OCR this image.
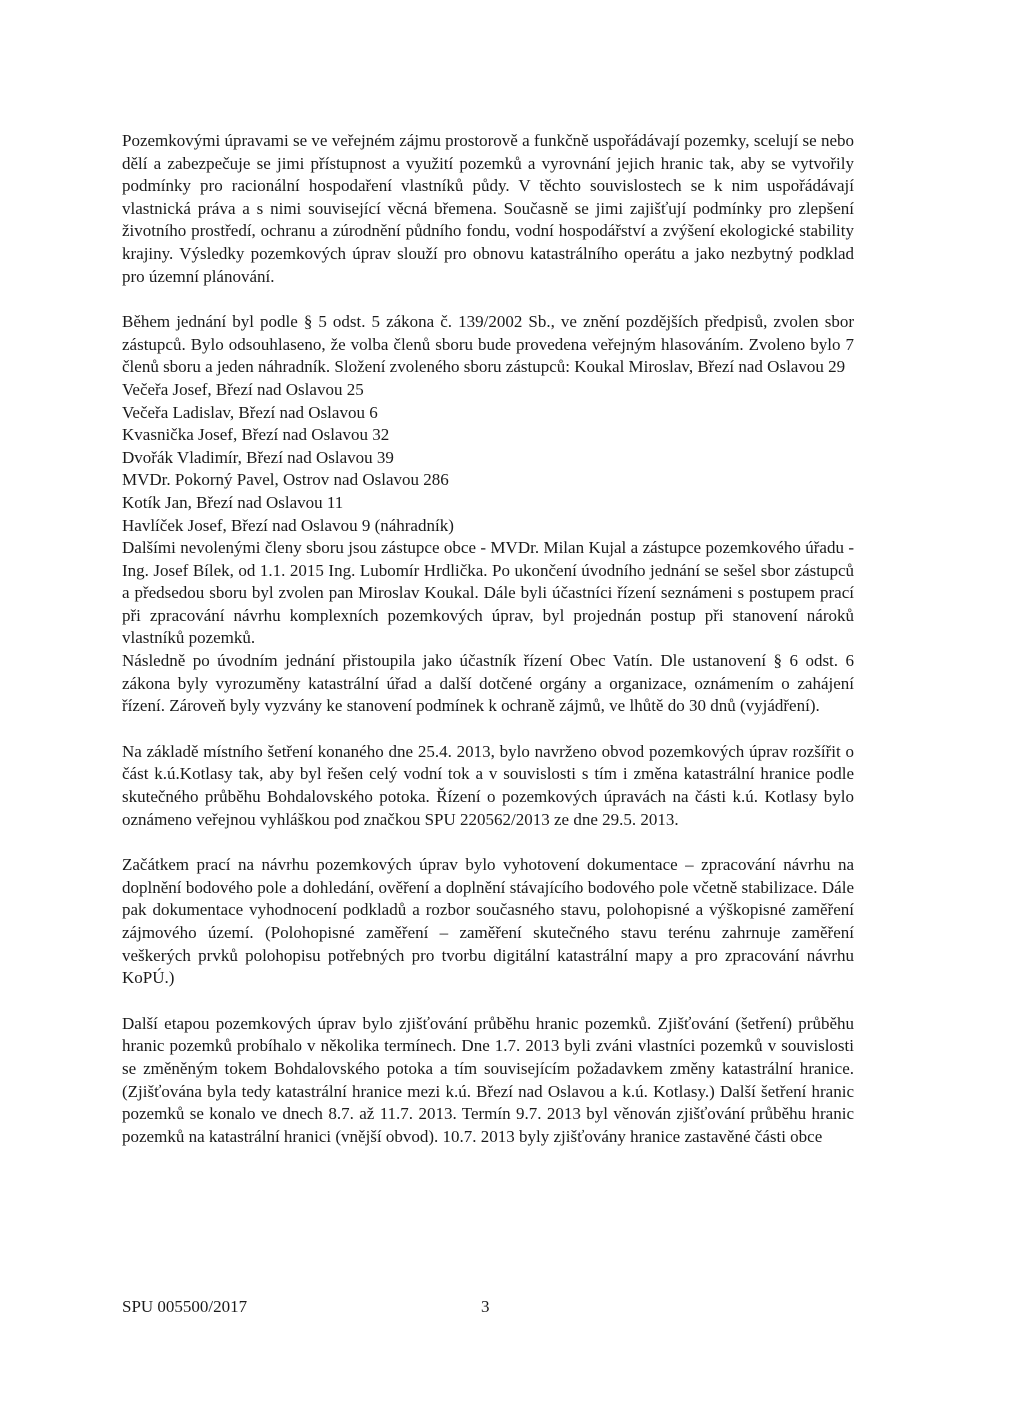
Pozemkovými úpravami se ve veřejném zájmu prostorově a funkčně uspořádávají pozemky, scelují se nebo dělí a zabezpečuje se jimi přístupnost a využití pozemků a vyrovnání jejich hranic tak, aby se vytvořily podmínky pro racionální hospodaření vlastníků půdy. V těchto souvislostech se k nim uspořádávají vlastnická práva a s nimi související věcná břemena. Současně se jimi zajišťují podmínky pro zlepšení životního prostředí, ochranu a zúrodnění půdního fondu, vodní hospodářství a zvýšení ekologické stability krajiny. Výsledky pozemkových úprav slouží pro obnovu katastrálního operátu a jako nezbytný podklad pro územní plánování.

Během jednání byl podle § 5 odst. 5 zákona č. 139/2002 Sb., ve znění pozdějších předpisů, zvolen sbor zástupců. Bylo odsouhlaseno, že volba členů sboru bude provedena veřejným hlasováním. Zvoleno bylo 7 členů sboru a jeden náhradník. Složení zvoleného sboru zástupců: Koukal Miroslav, Březí nad Oslavou 29

Večeřa Josef, Březí nad Oslavou 25
Večeřa Ladislav, Březí nad Oslavou 6
Kvasnička Josef, Březí nad Oslavou 32
Dvořák Vladimír, Březí nad Oslavou 39
MVDr. Pokorný Pavel, Ostrov nad Oslavou 286
Kotík Jan, Březí nad Oslavou 11
Havlíček Josef, Březí nad Oslavou 9 (náhradník)

Dalšími nevolenými členy sboru jsou zástupce obce - MVDr. Milan Kujal a zástupce pozemkového úřadu - Ing. Josef Bílek, od 1.1. 2015 Ing. Lubomír Hrdlička. Po ukončení úvodního jednání se sešel sbor zástupců a předsedou sboru byl zvolen pan Miroslav Koukal. Dále byli účastníci řízení seznámeni s postupem prací při zpracování návrhu komplexních pozemkových úprav, byl projednán postup při stanovení nároků vlastníků pozemků.

Následně po úvodním jednání přistoupila jako účastník řízení Obec Vatín. Dle ustanovení § 6 odst. 6 zákona byly vyrozuměny katastrální úřad a další dotčené orgány a organizace, oznámením o zahájení řízení. Zároveň byly vyzvány ke stanovení podmínek k ochraně zájmů, ve lhůtě do 30 dnů (vyjádření).

Na základě místního šetření konaného dne 25.4. 2013, bylo navrženo obvod pozemkových úprav rozšířit o část k.ú.Kotlasy tak, aby byl řešen celý vodní tok a v souvislosti s tím i změna katastrální hranice podle skutečného průběhu Bohdalovského potoka. Řízení o pozemkových úpravách na části k.ú. Kotlasy bylo oznámeno veřejnou vyhláškou pod značkou SPU 220562/2013 ze dne 29.5. 2013.

Začátkem prací na návrhu pozemkových úprav bylo vyhotovení dokumentace – zpracování návrhu na doplnění bodového pole a dohledání, ověření a doplnění stávajícího bodového pole včetně stabilizace. Dále pak dokumentace vyhodnocení podkladů a rozbor současného stavu, polohopisné a výškopisné zaměření zájmového území. (Polohopisné zaměření – zaměření skutečného stavu terénu zahrnuje zaměření veškerých prvků polohopisu potřebných pro tvorbu digitální katastrální mapy a pro zpracování návrhu KoPÚ.)

Další etapou pozemkových úprav bylo zjišťování průběhu hranic pozemků. Zjišťování (šetření) průběhu hranic pozemků probíhalo v několika termínech. Dne 1.7. 2013 byli zváni vlastníci pozemků v souvislosti se změněným tokem Bohdalovského potoka a tím souvisejícím požadavkem změny katastrální hranice. (Zjišťována byla tedy katastrální hranice mezi k.ú. Březí nad Oslavou a k.ú. Kotlasy.) Další šetření hranic pozemků se konalo ve dnech 8.7. až 11.7. 2013. Termín 9.7. 2013 byl věnován zjišťování průběhu hranic pozemků na katastrální hranici (vnější obvod). 10.7. 2013 byly zjišťovány hranice zastavěné části obce

SPU 005500/2017	3
